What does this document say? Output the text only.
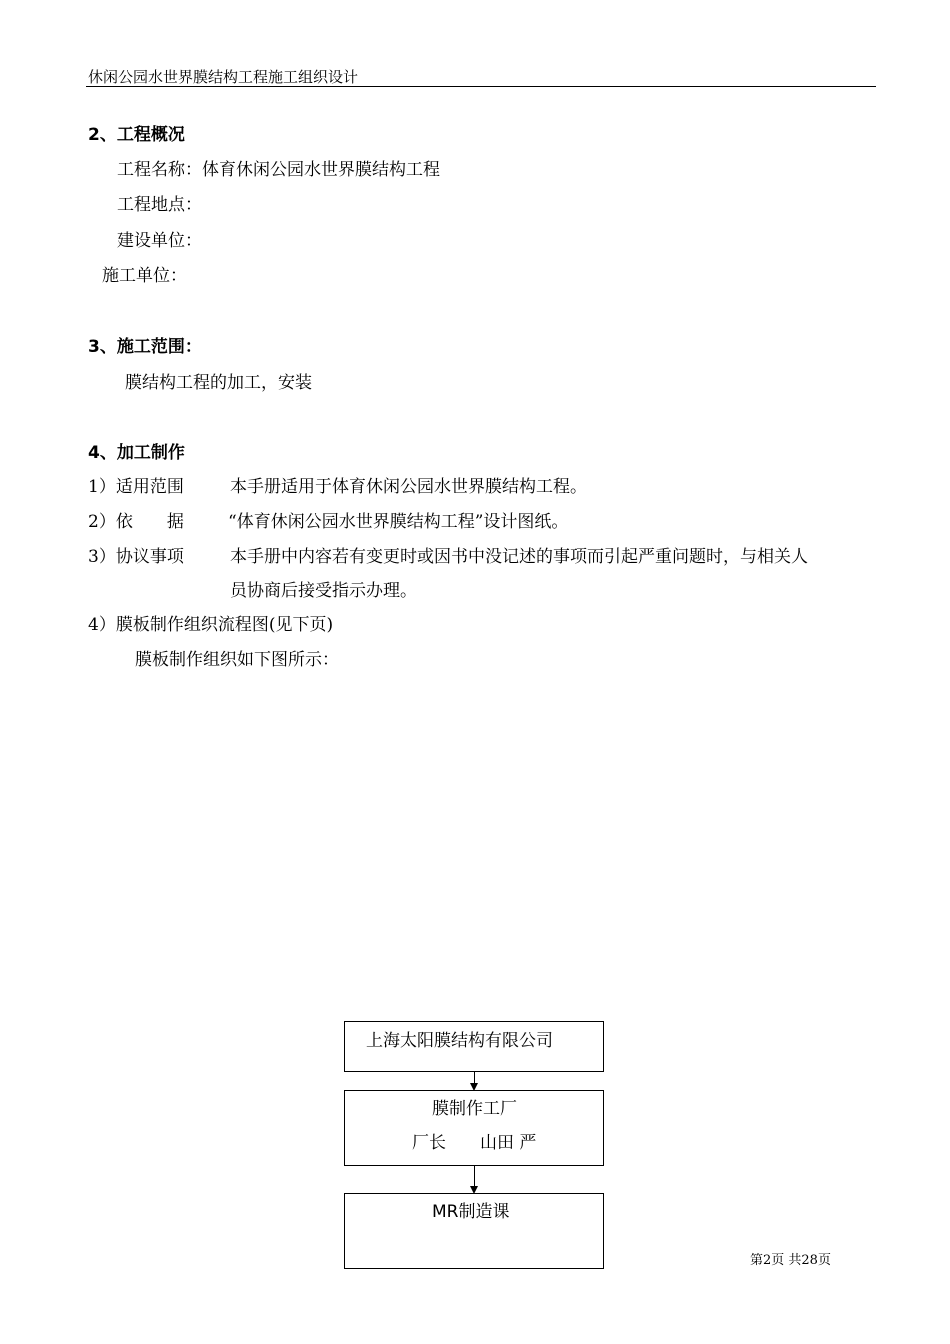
休闲公园水世界膜结构工程施工组织设计
2、工程概况
工程名称：体育休闲公园水世界膜结构工程
工程地点：
建设单位：
施工单位：
3、施工范围：
膜结构工程的加工，安装
4、加工制作
1）适用范围	本手册适用于体育休闲公园水世界膜结构工程。
2）依　　据	“体育休闲公园水世界膜结构工程”设计图纸。
3）协议事项	本手册中内容若有变更时或因书中没记述的事项而引起严重问题时，与相关人
员协商后接受指示办理。
4）膜板制作组织流程图(见下页)
膜板制作组织如下图所示：
上海太阳膜结构有限公司
膜制作工厂
厂长　　山田 严
MR制造课
第2页 共28页
